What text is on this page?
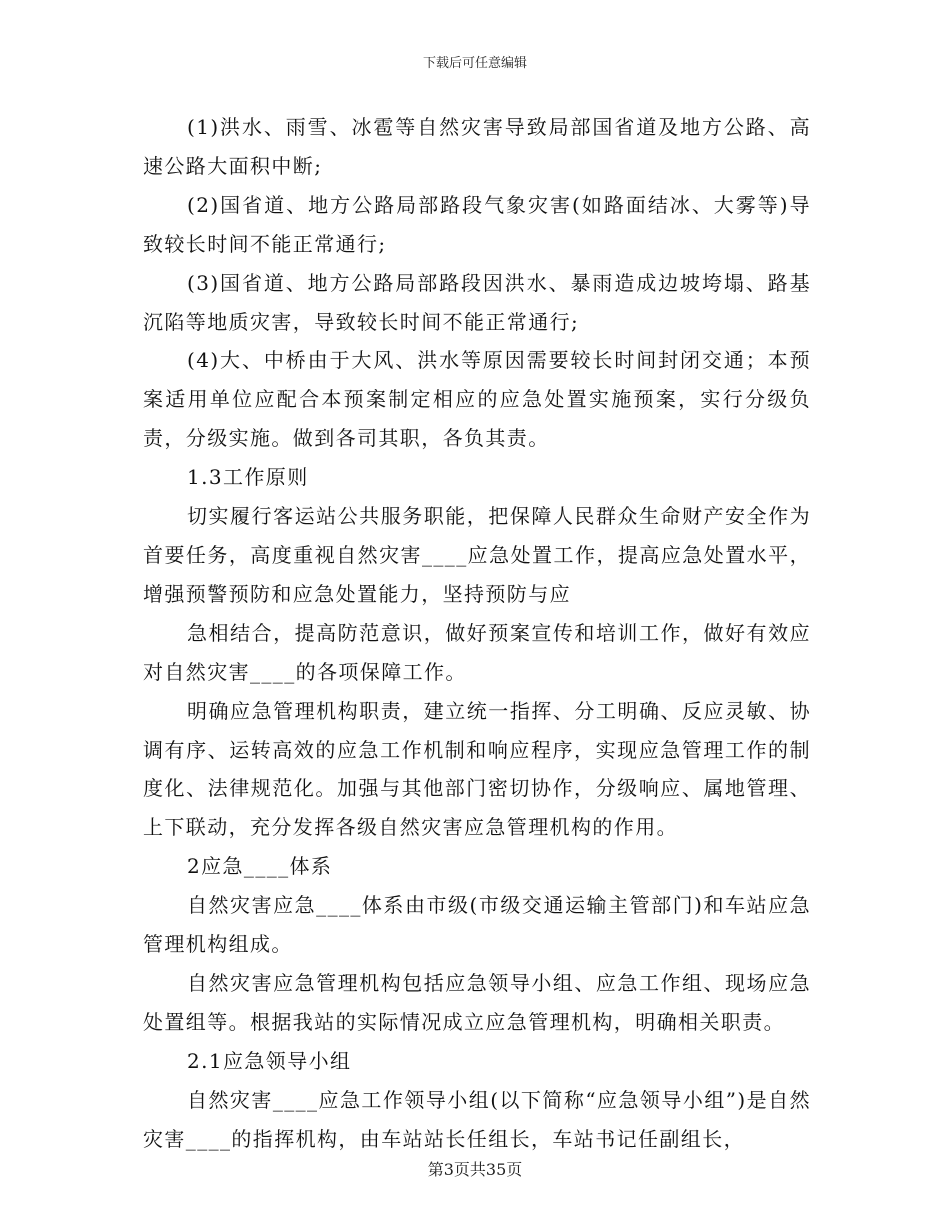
下载后可任意编辑

(1)洪水、雨雪、冰雹等自然灾害导致局部国省道及地方公路、高速公路大面积中断;

(2)国省道、地方公路局部路段气象灾害(如路面结冰、大雾等)导致较长时间不能正常通行;

(3)国省道、地方公路局部路段因洪水、暴雨造成边坡垮塌、路基沉陷等地质灾害，导致较长时间不能正常通行;

(4)大、中桥由于大风、洪水等原因需要较长时间封闭交通；本预案适用单位应配合本预案制定相应的应急处置实施预案，实行分级负责，分级实施。做到各司其职，各负其责。

1.3工作原则

切实履行客运站公共服务职能，把保障人民群众生命财产安全作为首要任务，高度重视自然灾害____应急处置工作，提高应急处置水平，增强预警预防和应急处置能力，坚持预防与应

急相结合，提高防范意识，做好预案宣传和培训工作，做好有效应对自然灾害____的各项保障工作。

明确应急管理机构职责，建立统一指挥、分工明确、反应灵敏、协调有序、运转高效的应急工作机制和响应程序，实现应急管理工作的制度化、法律规范化。加强与其他部门密切协作，分级响应、属地管理、上下联动，充分发挥各级自然灾害应急管理机构的作用。

2应急____体系

自然灾害应急____体系由市级(市级交通运输主管部门)和车站应急管理机构组成。

自然灾害应急管理机构包括应急领导小组、应急工作组、现场应急处置组等。根据我站的实际情况成立应急管理机构，明确相关职责。

2.1应急领导小组

自然灾害____应急工作领导小组(以下简称“应急领导小组”)是自然灾害____的指挥机构，由车站站长任组长，车站书记任副组长，

第3页共35页
